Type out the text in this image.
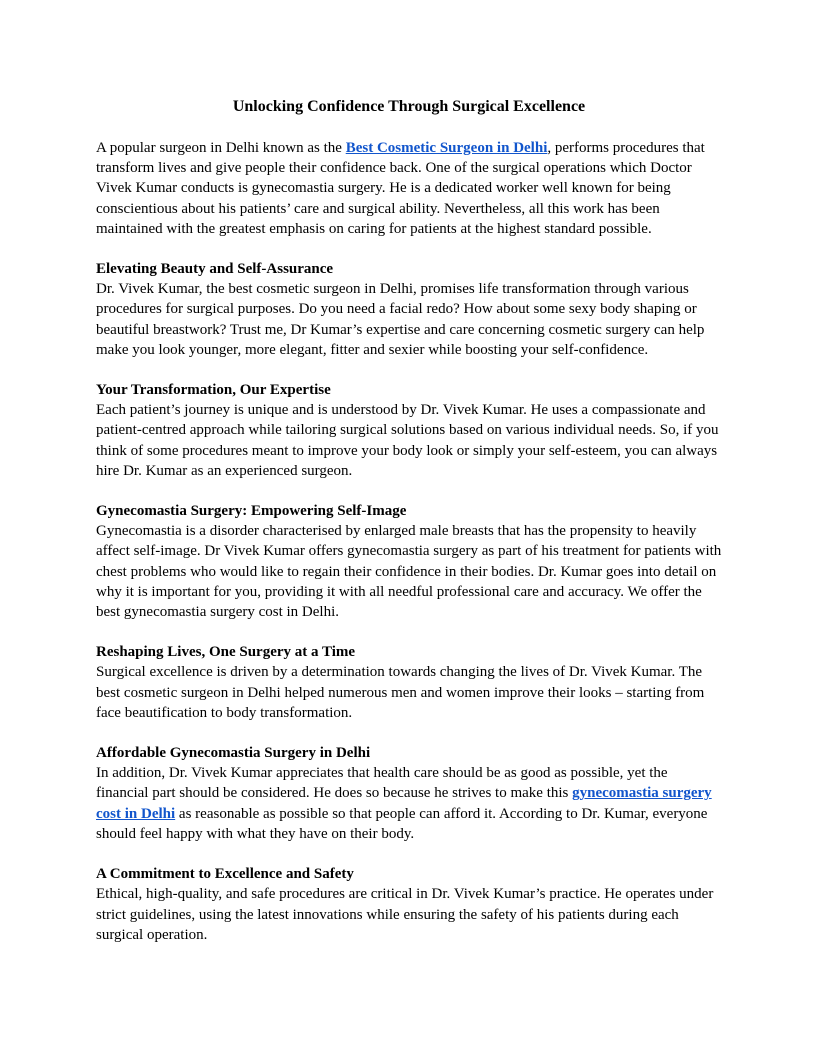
Unlocking Confidence Through Surgical Excellence

A popular surgeon in Delhi known as the Best Cosmetic Surgeon in Delhi, performs procedures that transform lives and give people their confidence back. One of the surgical operations which Doctor Vivek Kumar conducts is gynecomastia surgery. He is a dedicated worker well known for being conscientious about his patients’ care and surgical ability. Nevertheless, all this work has been maintained with the greatest emphasis on caring for patients at the highest standard possible.

Elevating Beauty and Self-Assurance

Dr. Vivek Kumar, the best cosmetic surgeon in Delhi, promises life transformation through various procedures for surgical purposes. Do you need a facial redo? How about some sexy body shaping or beautiful breastwork? Trust me, Dr Kumar’s expertise and care concerning cosmetic surgery can help make you look younger, more elegant, fitter and sexier while boosting your self-confidence.

Your Transformation, Our Expertise

Each patient’s journey is unique and is understood by Dr. Vivek Kumar. He uses a compassionate and patient-centred approach while tailoring surgical solutions based on various individual needs. So, if you think of some procedures meant to improve your body look or simply your self-esteem, you can always hire Dr. Kumar as an experienced surgeon.

Gynecomastia Surgery: Empowering Self-Image

Gynecomastia is a disorder characterised by enlarged male breasts that has the propensity to heavily affect self-image. Dr Vivek Kumar offers gynecomastia surgery as part of his treatment for patients with chest problems who would like to regain their confidence in their bodies. Dr. Kumar goes into detail on why it is important for you, providing it with all needful professional care and accuracy. We offer the best gynecomastia surgery cost in Delhi.

Reshaping Lives, One Surgery at a Time

Surgical excellence is driven by a determination towards changing the lives of Dr. Vivek Kumar. The best cosmetic surgeon in Delhi helped numerous men and women improve their looks – starting from face beautification to body transformation.

Affordable Gynecomastia Surgery in Delhi

In addition, Dr. Vivek Kumar appreciates that health care should be as good as possible, yet the financial part should be considered. He does so because he strives to make this gynecomastia surgery cost in Delhi as reasonable as possible so that people can afford it. According to Dr. Kumar, everyone should feel happy with what they have on their body.

A Commitment to Excellence and Safety

Ethical, high-quality, and safe procedures are critical in Dr. Vivek Kumar’s practice. He operates under strict guidelines, using the latest innovations while ensuring the safety of his patients during each surgical operation.
